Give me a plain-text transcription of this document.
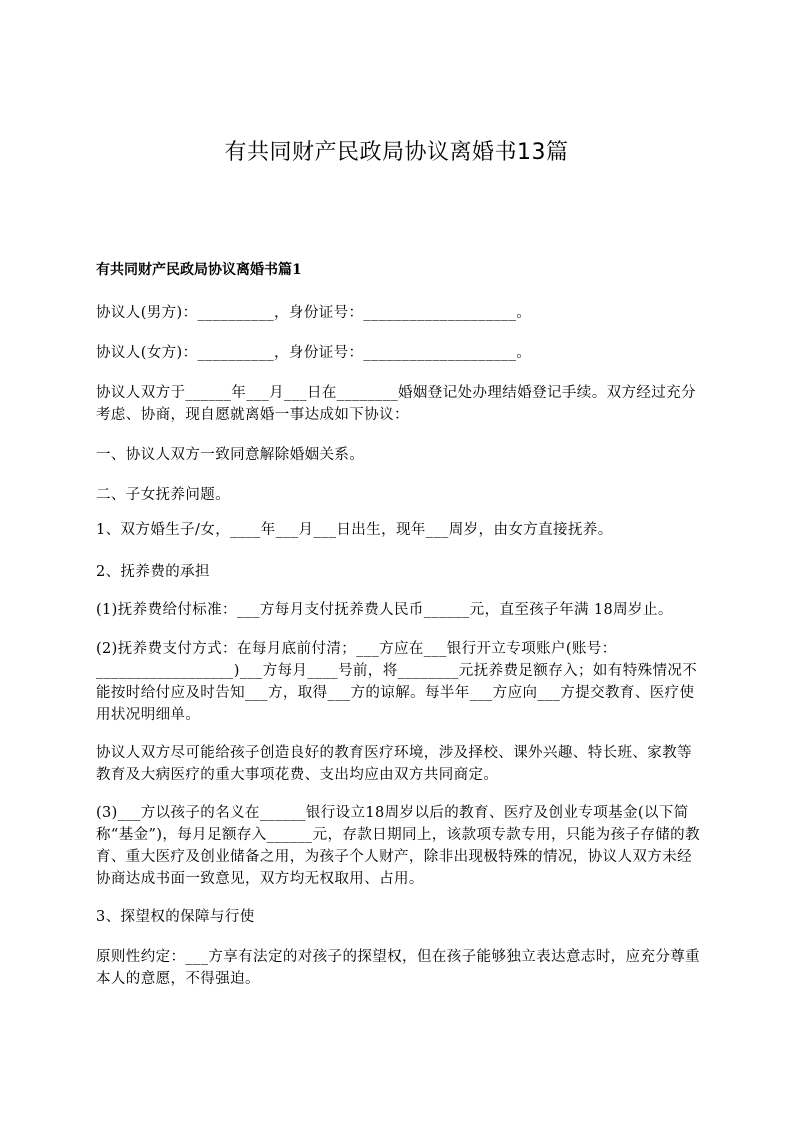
有共同财产民政局协议离婚书13篇
有共同财产民政局协议离婚书篇1

协议人(男方)：__________，身份证号：____________________。

协议人(女方)：__________，身份证号：____________________。

协议人双方于______年___月___日在________婚姻登记处办理结婚登记手续。双方经过充分考虑、协商，现自愿就离婚一事达成如下协议：

一、协议人双方一致同意解除婚姻关系。

二、子女抚养问题。

1、双方婚生子/女，____年___月___日出生，现年___周岁，由女方直接抚养。

2、抚养费的承担

(1)抚养费给付标准：___方每月支付抚养费人民币______元，直至孩子年满 18周岁止。

(2)抚养费支付方式：在每月底前付清；___方应在___银行开立专项账户(账号：__________________)___方每月____号前，将________元抚养费足额存入；如有特殊情况不能按时给付应及时告知___方，取得___方的谅解。每半年___方应向___方提交教育、医疗使用状况明细单。

协议人双方尽可能给孩子创造良好的教育医疗环境，涉及择校、课外兴趣、特长班、家教等教育及大病医疗的重大事项花费、支出均应由双方共同商定。

(3)___方以孩子的名义在______银行设立18周岁以后的教育、医疗及创业专项基金(以下简称“基金”)，每月足额存入______元，存款日期同上，该款项专款专用，只能为孩子存储的教育、重大医疗及创业储备之用，为孩子个人财产，除非出现极特殊的情况，协议人双方未经协商达成书面一致意见，双方均无权取用、占用。

3、探望权的保障与行使

原则性约定：___方享有法定的对孩子的探望权，但在孩子能够独立表达意志时，应充分尊重本人的意愿，不得强迫。
